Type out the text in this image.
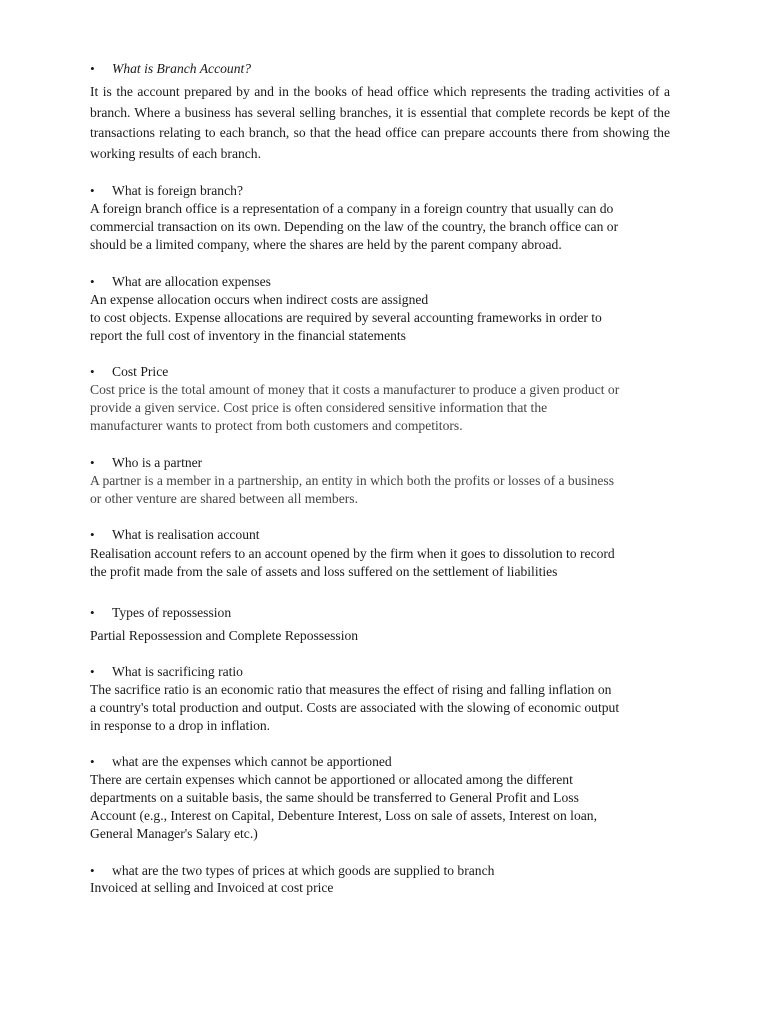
• What is Branch Account?
It is the account prepared by and in the books of head office which represents the trading activities of a branch. Where a business has several selling branches, it is essential that complete records be kept of the transactions relating to each branch, so that the head office can prepare accounts there from showing the working results of each branch.
• What is foreign branch?
A foreign branch office is a representation of a company in a foreign country that usually can do
commercial transaction on its own. Depending on the law of the country, the branch office can or
should be a limited company, where the shares are held by the parent company abroad.
• What are allocation expenses
An expense allocation occurs when indirect costs are assigned
to cost objects. Expense allocations are required by several accounting frameworks in order to
report the full cost of inventory in the financial statements
• Cost Price
Cost price is the total amount of money that it costs a manufacturer to produce a given product or
provide a given service. Cost price is often considered sensitive information that the
manufacturer wants to protect from both customers and competitors.
• Who is a partner
A partner is a member in a partnership, an entity in which both the profits or losses of a business
or other venture are shared between all members.
• What is realisation account
Realisation account refers to an account opened by the firm when it goes to dissolution to record
the profit made from the sale of assets and loss suffered on the settlement of liabilities
• Types of repossession
Partial Repossession and Complete Repossession
• What is sacrificing ratio
The sacrifice ratio is an economic ratio that measures the effect of rising and falling inflation on
a country's total production and output. Costs are associated with the slowing of economic output
in response to a drop in inflation.
• what are the expenses which cannot be apportioned
There are certain expenses which cannot be apportioned or allocated among the different
departments on a suitable basis, the same should be transferred to General Profit and Loss
Account (e.g., Interest on Capital, Debenture Interest, Loss on sale of assets, Interest on loan,
General Manager's Salary etc.)
• what are the two types of prices at which goods are supplied to branch
Invoiced at selling and Invoiced at cost price
